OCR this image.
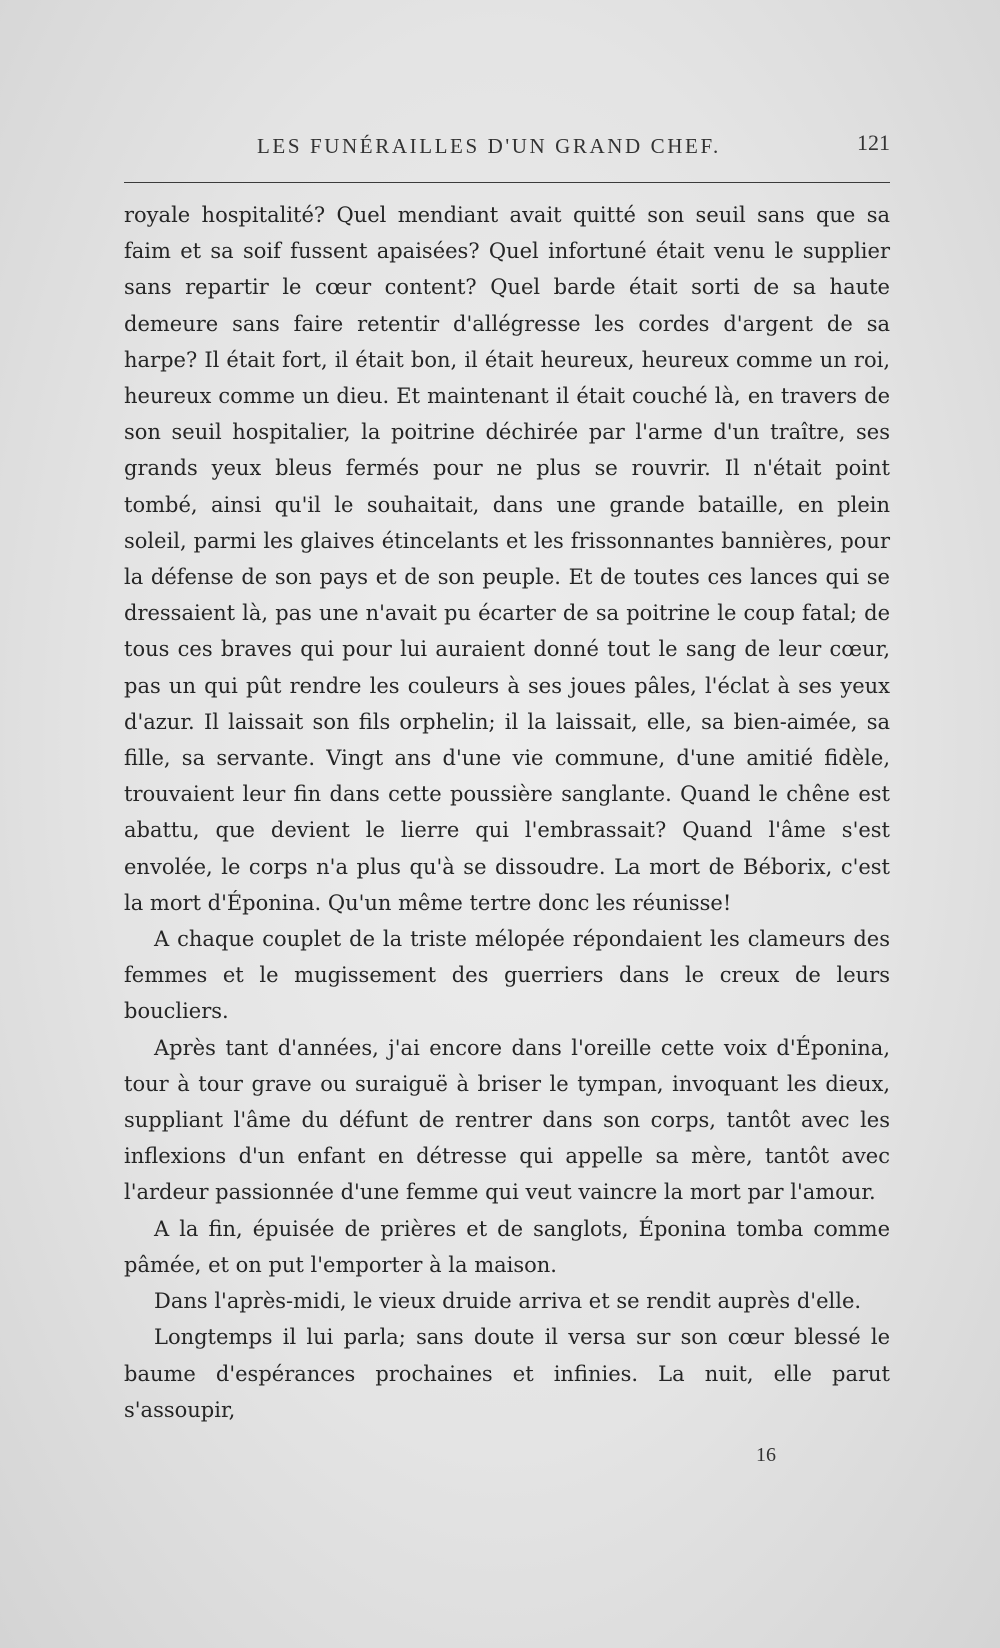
LES FUNÉRAILLES D'UN GRAND CHEF.	121

royale hospitalité? Quel mendiant avait quitté son seuil sans que sa faim et sa soif fussent apaisées? Quel infortuné était venu le supplier sans repartir le cœur content? Quel barde était sorti de sa haute demeure sans faire retentir d'allégresse les cordes d'argent de sa harpe? Il était fort, il était bon, il était heureux, heureux comme un roi, heureux comme un dieu. Et maintenant il était couché là, en travers de son seuil hospitalier, la poitrine déchirée par l'arme d'un traître, ses grands yeux bleus fermés pour ne plus se rouvrir. Il n'était point tombé, ainsi qu'il le souhaitait, dans une grande bataille, en plein soleil, parmi les glaives étincelants et les frissonnantes bannières, pour la défense de son pays et de son peuple. Et de toutes ces lances qui se dressaient là, pas une n'avait pu écarter de sa poitrine le coup fatal; de tous ces braves qui pour lui auraient donné tout le sang de leur cœur, pas un qui pût rendre les couleurs à ses joues pâles, l'éclat à ses yeux d'azur. Il laissait son fils orphelin; il la laissait, elle, sa bien-aimée, sa fille, sa servante. Vingt ans d'une vie commune, d'une amitié fidèle, trouvaient leur fin dans cette poussière sanglante. Quand le chêne est abattu, que devient le lierre qui l'embrassait? Quand l'âme s'est envolée, le corps n'a plus qu'à se dissoudre. La mort de Béborix, c'est la mort d'Éponina. Qu'un même tertre donc les réunisse!

A chaque couplet de la triste mélopée répondaient les clameurs des femmes et le mugissement des guerriers dans le creux de leurs boucliers.

Après tant d'années, j'ai encore dans l'oreille cette voix d'Éponina, tour à tour grave ou suraiguë à briser le tympan, invoquant les dieux, suppliant l'âme du défunt de rentrer dans son corps, tantôt avec les inflexions d'un enfant en détresse qui appelle sa mère, tantôt avec l'ardeur passionnée d'une femme qui veut vaincre la mort par l'amour.

A la fin, épuisée de prières et de sanglots, Éponina tomba comme pâmée, et on put l'emporter à la maison.

Dans l'après-midi, le vieux druide arriva et se rendit auprès d'elle.

Longtemps il lui parla; sans doute il versa sur son cœur blessé le baume d'espérances prochaines et infinies. La nuit, elle parut s'assoupir,

16
